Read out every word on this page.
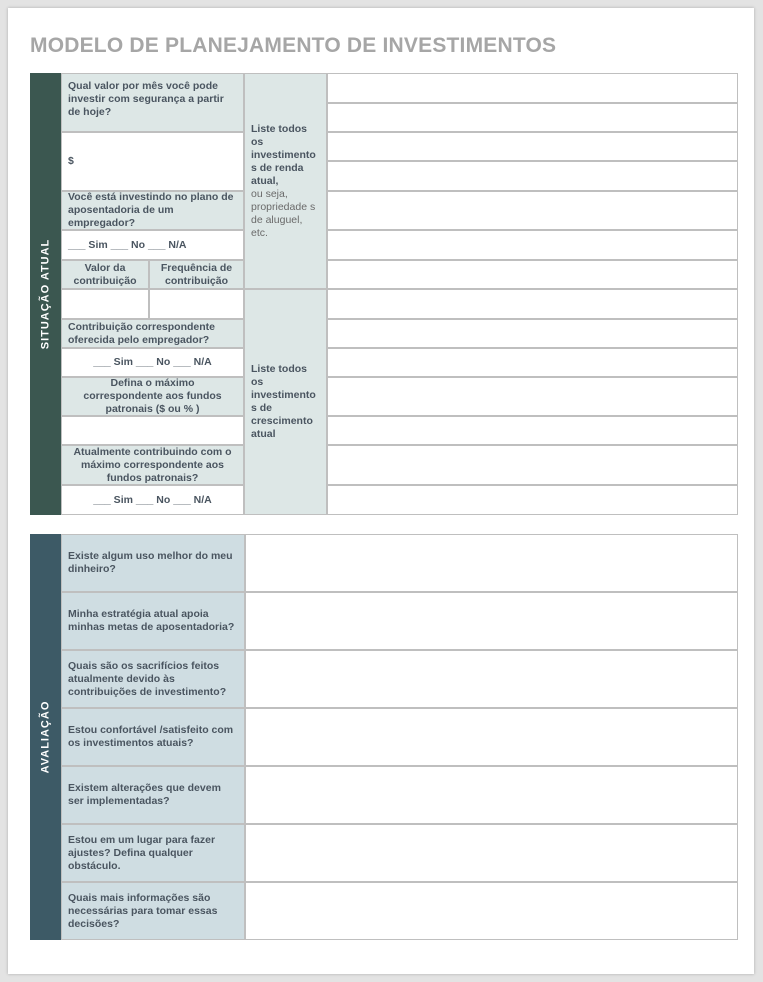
MODELO DE PLANEJAMENTO DE INVESTIMENTOS
SITUAÇÃO ATUAL
Qual valor por mês você pode investir com segurança a partir de hoje?
$
Você está investindo no plano de aposentadoria de um empregador?
___ Sim ___ No ___ N/A
Valor da contribuição
Frequência de contribuição
Contribuição correspondente oferecida pelo empregador?
___ Sim ___ No ___ N/A
Defina o máximo correspondente aos fundos patronais ($ ou % )
Atualmente contribuindo com o máximo correspondente aos fundos patronais?
___ Sim ___ No ___ N/A
Liste todos os investimento s de renda atual,
ou seja, propriedade s de aluguel, etc.
Liste todos os investimento s de crescimento atual
AVALIAÇÃO
Existe algum uso melhor do meu dinheiro?
Minha estratégia atual apoia minhas metas de aposentadoria?
Quais são os sacrifícios feitos atualmente devido às contribuições de investimento?
Estou confortável /satisfeito com os investimentos atuais?
Existem alterações que devem ser implementadas?
Estou em um lugar para fazer ajustes? Defina qualquer obstáculo.
Quais mais informações são necessárias para tomar essas decisões?
